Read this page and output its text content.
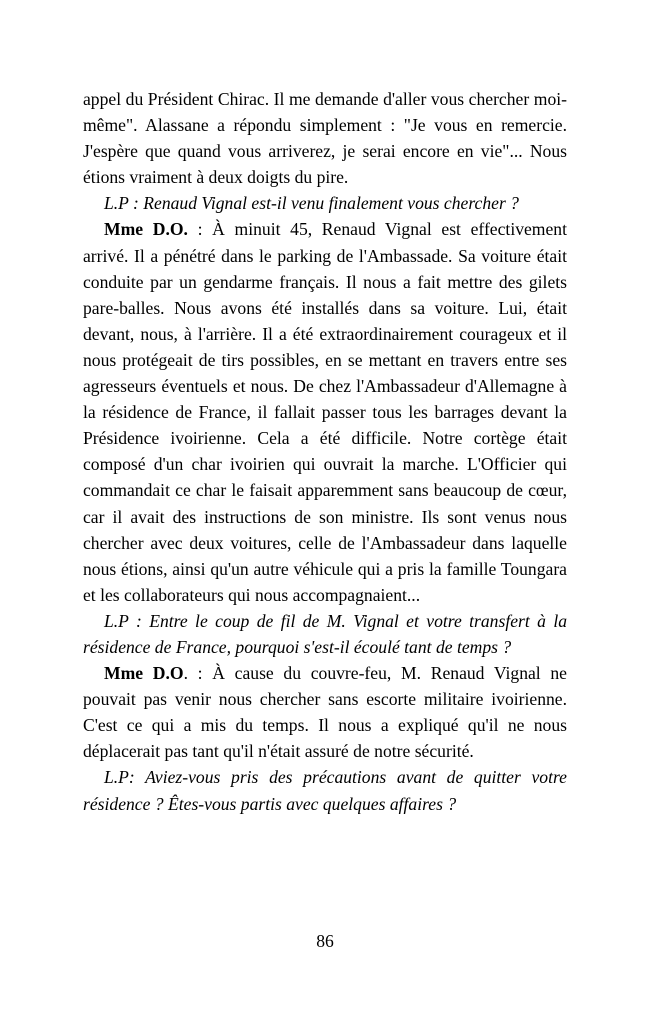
appel du Président Chirac. Il me demande d'aller vous chercher moi-même". Alassane a répondu simplement : "Je vous en remercie. J'espère que quand vous arriverez, je serai encore en vie"... Nous étions vraiment à deux doigts du pire.

L.P : Renaud Vignal est-il venu finalement vous chercher ?

Mme D.O. : À minuit 45, Renaud Vignal est effectivement arrivé. Il a pénétré dans le parking de l'Ambassade. Sa voiture était conduite par un gendarme français. Il nous a fait mettre des gilets pare-balles. Nous avons été installés dans sa voiture. Lui, était devant, nous, à l'arrière. Il a été extraordinairement courageux et il nous protégeait de tirs possibles, en se mettant en travers entre ses agresseurs éventuels et nous. De chez l'Ambassadeur d'Allemagne à la résidence de France, il fallait passer tous les barrages devant la Présidence ivoirienne. Cela a été difficile. Notre cortège était composé d'un char ivoirien qui ouvrait la marche. L'Officier qui commandait ce char le faisait apparemment sans beaucoup de cœur, car il avait des instructions de son ministre. Ils sont venus nous chercher avec deux voitures, celle de l'Ambassadeur dans laquelle nous étions, ainsi qu'un autre véhicule qui a pris la famille Toungara et les collaborateurs qui nous accompagnaient...

L.P : Entre le coup de fil de M. Vignal et votre transfert à la résidence de France, pourquoi s'est-il écoulé tant de temps ?

Mme D.O. : À cause du couvre-feu, M. Renaud Vignal ne pouvait pas venir nous chercher sans escorte militaire ivoirienne. C'est ce qui a mis du temps. Il nous a expliqué qu'il ne nous déplacerait pas tant qu'il n'était assuré de notre sécurité.

L.P: Aviez-vous pris des précautions avant de quitter votre résidence ? Êtes-vous partis avec quelques affaires ?

86
